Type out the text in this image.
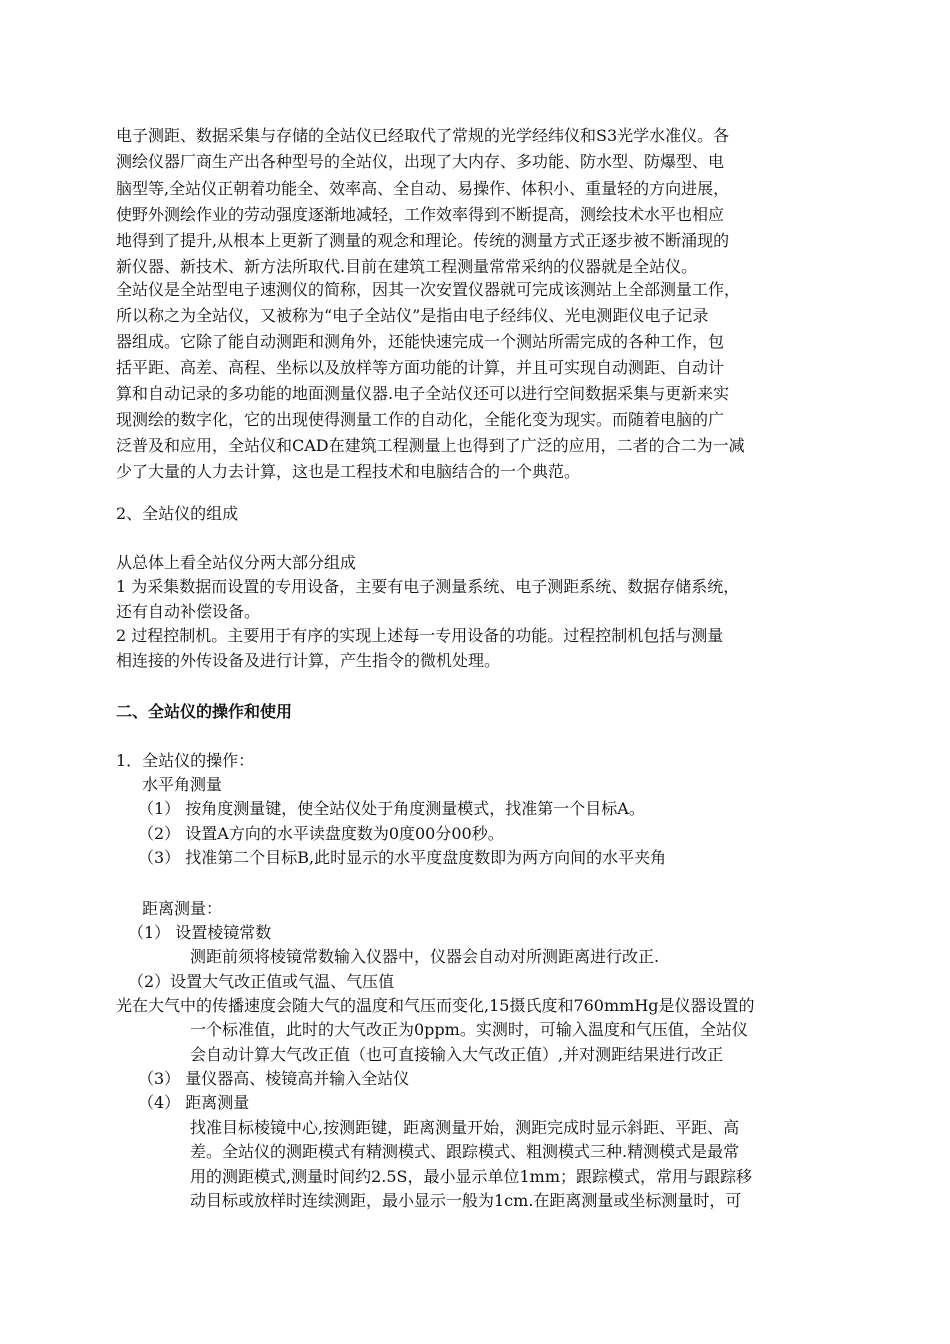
电子测距、数据采集与存储的全站仪已经取代了常规的光学经纬仪和S3光学水准仪。各
测绘仪器厂商生产出各种型号的全站仪，出现了大内存、多功能、防水型、防爆型、电
脑型等,全站仪正朝着功能全、效率高、全自动、易操作、体积小、重量轻的方向进展，
使野外测绘作业的劳动强度逐渐地减轻，工作效率得到不断提高，测绘技术水平也相应
地得到了提升,从根本上更新了测量的观念和理论。传统的测量方式正逐步被不断涌现的
新仪器、新技术、新方法所取代.目前在建筑工程测量常常采纳的仪器就是全站仪。
全站仪是全站型电子速测仪的简称，因其一次安置仪器就可完成该测站上全部测量工作，
所以称之为全站仪，又被称为“电子全站仪”是指由电子经纬仪、光电测距仪电子记录
器组成。它除了能自动测距和测角外，还能快速完成一个测站所需完成的各种工作，包
括平距、高差、高程、坐标以及放样等方面功能的计算，并且可实现自动测距、自动计
算和自动记录的多功能的地面测量仪器.电子全站仪还可以进行空间数据采集与更新来实
现测绘的数字化，它的出现使得测量工作的自动化，全能化变为现实。而随着电脑的广
泛普及和应用，全站仪和CAD在建筑工程测量上也得到了广泛的应用，二者的合二为一减
少了大量的人力去计算，这也是工程技术和电脑结合的一个典范。
2、全站仪的组成
从总体上看全站仪分两大部分组成
1 为采集数据而设置的专用设备，主要有电子测量系统、电子测距系统、数据存储系统，
还有自动补偿设备。
2 过程控制机。主要用于有序的实现上述每一专用设备的功能。过程控制机包括与测量
相连接的外传设备及进行计算，产生指令的微机处理。
二、全站仪的操作和使用
1．全站仪的操作：
水平角测量
（1） 按角度测量键，使全站仪处于角度测量模式，找准第一个目标A。
（2） 设置A方向的水平读盘度数为0度00分00秒。
（3） 找准第二个目标B,此时显示的水平度盘度数即为两方向间的水平夹角
距离测量：
（1） 设置棱镜常数
测距前须将棱镜常数输入仪器中，仪器会自动对所测距离进行改正.
（2）设置大气改正值或气温、气压值
光在大气中的传播速度会随大气的温度和气压而变化,15摄氏度和760mmHg是仪器设置的
一个标准值，此时的大气改正为0ppm。实测时，可输入温度和气压值，全站仪
会自动计算大气改正值（也可直接输入大气改正值）,并对测距结果进行改正
（3） 量仪器高、棱镜高并输入全站仪
（4） 距离测量
找准目标棱镜中心,按测距键，距离测量开始，测距完成时显示斜距、平距、高
差。全站仪的测距模式有精测模式、跟踪模式、粗测模式三种.精测模式是最常
用的测距模式,测量时间约2.5S，最小显示单位1mm；跟踪模式，常用与跟踪移
动目标或放样时连续测距，最小显示一般为1cm.在距离测量或坐标测量时，可
